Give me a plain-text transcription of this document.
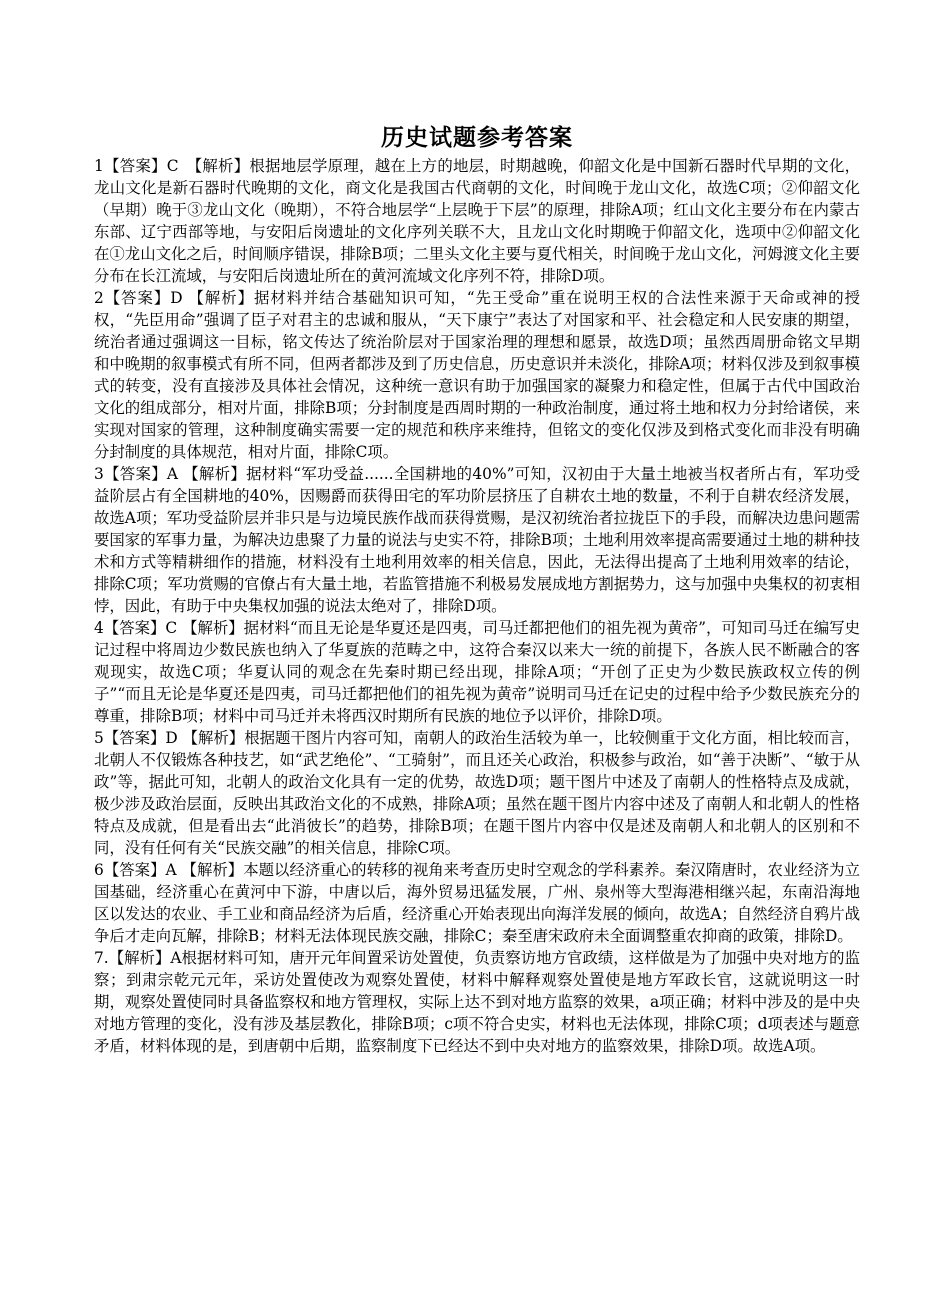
历史试题参考答案

1【答案】C　【解析】根据地层学原理，越在上方的地层，时期越晚，仰韶文化是中国新石器时代早期的文化，龙山文化是新石器时代晚期的文化，商文化是我国古代商朝的文化，时间晚于龙山文化，故选C项；②仰韶文化（早期）晚于③龙山文化（晚期），不符合地层学“上层晚于下层”的原理，排除A项；红山文化主要分布在内蒙古东部、辽宁西部等地，与安阳后岗遗址的文化序列关联不大，且龙山文化时期晚于仰韶文化，选项中②仰韶文化在①龙山文化之后，时间顺序错误，排除B项；二里头文化主要与夏代相关，时间晚于龙山文化，河姆渡文化主要分布在长江流域，与安阳后岗遗址所在的黄河流域文化序列不符，排除D项。

2【答案】D 【解析】据材料并结合基础知识可知，“先王受命”重在说明王权的合法性来源于天命或神的授权，“先臣用命”强调了臣子对君主的忠诚和服从，“天下康宁”表达了对国家和平、社会稳定和人民安康的期望，统治者通过强调这一目标，铭文传达了统治阶层对于国家治理的理想和愿景，故选D项；虽然西周册命铭文早期和中晚期的叙事模式有所不同，但两者都涉及到了历史信息，历史意识并未淡化，排除A项；材料仅涉及到叙事模式的转变，没有直接涉及具体社会情况，这种统一意识有助于加强国家的凝聚力和稳定性，但属于古代中国政治文化的组成部分，相对片面，排除B项；分封制度是西周时期的一种政治制度，通过将土地和权力分封给诸侯，来实现对国家的管理，这种制度确实需要一定的规范和秩序来维持，但铭文的变化仅涉及到格式变化而非没有明确分封制度的具体规范，相对片面，排除C项。

3【答案】A 【解析】据材料“军功受益......全国耕地的40%”可知，汉初由于大量土地被当权者所占有，军功受益阶层占有全国耕地的40%，因赐爵而获得田宅的军功阶层挤压了自耕农土地的数量，不利于自耕农经济发展，故选A项；军功受益阶层并非只是与边境民族作战而获得赏赐，是汉初统治者拉拢臣下的手段，而解决边患问题需要国家的军事力量，为解决边患聚了力量的说法与史实不符，排除B项；土地利用效率提高需要通过土地的耕种技术和方式等精耕细作的措施，材料没有土地利用效率的相关信息，因此，无法得出提高了土地利用效率的结论，排除C项；军功赏赐的官僚占有大量土地，若监管措施不利极易发展成地方割据势力，这与加强中央集权的初衷相悖，因此，有助于中央集权加强的说法太绝对了，排除D项。

4【答案】C 【解析】据材料“而且无论是华夏还是四夷，司马迁都把他们的祖先视为黄帝”，可知司马迁在编写史记过程中将周边少数民族也纳入了华夏族的范畴之中，这符合秦汉以来大一统的前提下，各族人民不断融合的客观现实，故选C项；华夏认同的观念在先秦时期已经出现，排除A项；“开创了正史为少数民族政权立传的例子”“而且无论是华夏还是四夷，司马迁都把他们的祖先视为黄帝”说明司马迁在记史的过程中给予少数民族充分的尊重，排除B项；材料中司马迁并未将西汉时期所有民族的地位予以评价，排除D项。

5【答案】D 【解析】根据题干图片内容可知，南朝人的政治生活较为单一，比较侧重于文化方面，相比较而言，北朝人不仅锻炼各种技艺，如“武艺绝伦”、“工骑射”，而且还关心政治，积极参与政治，如“善于决断”、“敏于从政”等，据此可知，北朝人的政治文化具有一定的优势，故选D项；题干图片中述及了南朝人的性格特点及成就，极少涉及政治层面，反映出其政治文化的不成熟，排除A项；虽然在题干图片内容中述及了南朝人和北朝人的性格特点及成就，但是看出去“此消彼长”的趋势，排除B项；在题干图片内容中仅是述及南朝人和北朝人的区别和不同，没有任何有关“民族交融”的相关信息，排除C项。

6【答案】A 【解析】本题以经济重心的转移的视角来考查历史时空观念的学科素养。秦汉隋唐时，农业经济为立国基础，经济重心在黄河中下游，中唐以后，海外贸易迅猛发展，广州、泉州等大型海港相继兴起，东南沿海地区以发达的农业、手工业和商品经济为后盾，经济重心开始表现出向海洋发展的倾向，故选A；自然经济自鸦片战争后才走向瓦解，排除B；材料无法体现民族交融，排除C；秦至唐宋政府未全面调整重农抑商的政策，排除D。

7.【解析】A根据材料可知，唐开元年间置采访处置使，负责察访地方官政绩，这样做是为了加强中央对地方的监察；到肃宗乾元元年，采访处置使改为观察处置使，材料中解释观察处置使是地方军政长官，这就说明这一时期，观察处置使同时具备监察权和地方管理权，实际上达不到对地方监察的效果，a项正确；材料中涉及的是中央对地方管理的变化，没有涉及基层教化，排除B项；c项不符合史实，材料也无法体现，排除C项；d项表述与题意矛盾，材料体现的是，到唐朝中后期，监察制度下已经达不到中央对地方的监察效果，排除D项。故选A项。
